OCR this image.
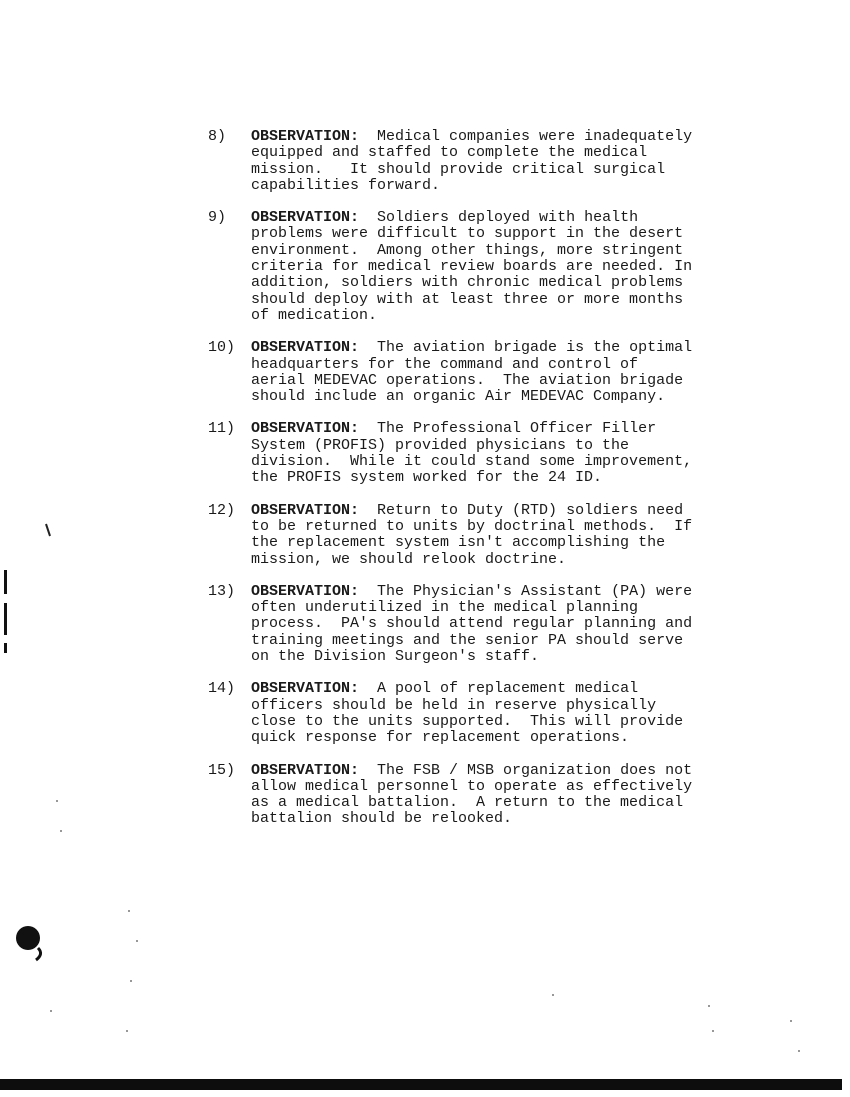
8)	OBSERVATION:  Medical companies were inadequately
equipped and staffed to complete the medical
mission.   It should provide critical surgical
capabilities forward.
9)	OBSERVATION:  Soldiers deployed with health
problems were difficult to support in the desert
environment.  Among other things, more stringent
criteria for medical review boards are needed. In
addition, soldiers with chronic medical problems
should deploy with at least three or more months
of medication.
10)	OBSERVATION:  The aviation brigade is the optimal
headquarters for the command and control of
aerial MEDEVAC operations.  The aviation brigade
should include an organic Air MEDEVAC Company.
11)	OBSERVATION:  The Professional Officer Filler
System (PROFIS) provided physicians to the
division.  While it could stand some improvement,
the PROFIS system worked for the 24 ID.
12)	OBSERVATION:  Return to Duty (RTD) soldiers need
to be returned to units by doctrinal methods.  If
the replacement system isn't accomplishing the
mission, we should relook doctrine.
13)	OBSERVATION:  The Physician's Assistant (PA) were
often underutilized in the medical planning
process.  PA's should attend regular planning and
training meetings and the senior PA should serve
on the Division Surgeon's staff.
14)	OBSERVATION:  A pool of replacement medical
officers should be held in reserve physically
close to the units supported.  This will provide
quick response for replacement operations.
15)	OBSERVATION:  The FSB / MSB organization does not
allow medical personnel to operate as effectively
as a medical battalion.  A return to the medical
battalion should be relooked.
